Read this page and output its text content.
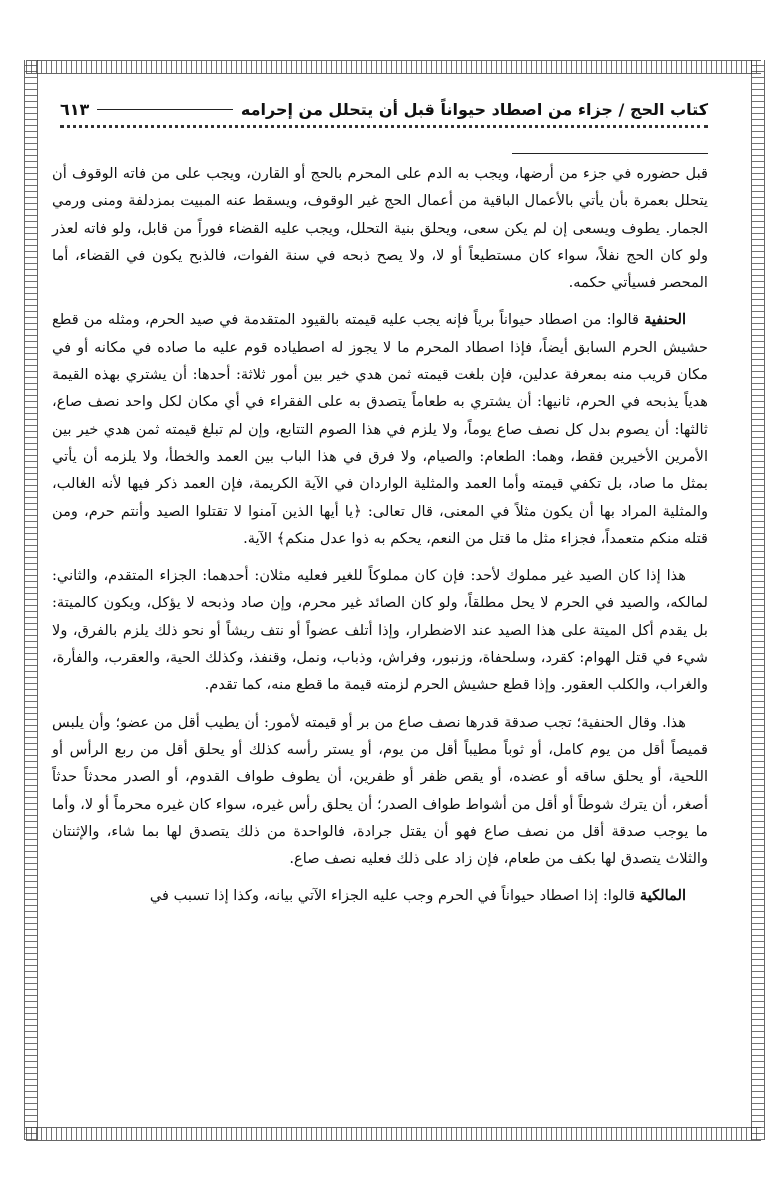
كتاب الحج / جزاء من اصطاد حيواناً قبل أن يتحلل من إحرامه
٦١٣

قبل حضوره في جزء من أرضها، ويجب به الدم على المحرم بالحج أو القارن، ويجب على من فاته الوقوف أن يتحلل بعمرة بأن يأتي بالأعمال الباقية من أعمال الحج غير الوقوف، ويسقط عنه المبيت بمزدلفة ومنى ورمي الجمار. يطوف ويسعى إن لم يكن سعى، ويحلق بنية التحلل، ويجب عليه القضاء فوراً من قابل، ولو فاته لعذر ولو كان الحج نفلاً، سواء كان مستطيعاً أو لا، ولا يصح ذبحه في سنة الفوات، فالذبح يكون في القضاء، أما المحصر فسيأتي حكمه.

الحنفية قالوا: من اصطاد حيواناً برياً فإنه يجب عليه قيمته بالقيود المتقدمة في صيد الحرم، ومثله من قطع حشيش الحرم السابق أيضاً، فإذا اصطاد المحرم ما لا يجوز له اصطياده قوم عليه ما صاده في مكانه أو في مكان قريب منه بمعرفة عدلين، فإن بلغت قيمته ثمن هدي خير بين أمور ثلاثة: أحدها: أن يشتري بهذه القيمة هدياً يذبحه في الحرم، ثانيها: أن يشتري به طعاماً يتصدق به على الفقراء في أي مكان لكل واحد نصف صاع، ثالثها: أن يصوم بدل كل نصف صاع يوماً، ولا يلزم في هذا الصوم التتابع، وإن لم تبلغ قيمته ثمن هدي خير بين الأمرين الأخيرين فقط، وهما: الطعام: والصيام، ولا فرق في هذا الباب بين العمد والخطأ، ولا يلزمه أن يأتي بمثل ما صاد، بل تكفي قيمته وأما العمد والمثلية الواردان في الآية الكريمة، فإن العمد ذكر فيها لأنه الغالب، والمثلية المراد بها أن يكون مثلاً في المعنى، قال تعالى: ﴿يا أيها الذين آمنوا لا تقتلوا الصيد وأنتم حرم، ومن قتله منكم متعمداً، فجزاء مثل ما قتل من النعم، يحكم به ذوا عدل منكم﴾ الآية.

هذا إذا كان الصيد غير مملوك لأحد: فإن كان مملوكاً للغير فعليه مثلان: أحدهما: الجزاء المتقدم، والثاني: لمالكه، والصيد في الحرم لا يحل مطلقاً، ولو كان الصائد غير محرم، وإن صاد وذبحه لا يؤكل، ويكون كالميتة: بل يقدم أكل الميتة على هذا الصيد عند الاضطرار، وإذا أتلف عضواً أو نتف ريشاً أو نحو ذلك يلزم بالفرق، ولا شيء في قتل الهوام: كقرد، وسلحفاة، وزنبور، وفراش، وذباب، ونمل، وقنفذ، وكذلك الحية، والعقرب، والفأرة، والغراب، والكلب العقور. وإذا قطع حشيش الحرم لزمته قيمة ما قطع منه، كما تقدم.

هذا. وقال الحنفية؛ تجب صدقة قدرها نصف صاع من بر أو قيمته لأمور: أن يطيب أقل من عضو؛ وأن يلبس قميصاً أقل من يوم كامل، أو ثوباً مطيباً أقل من يوم، أو يستر رأسه كذلك أو يحلق أقل من ربع الرأس أو اللحية، أو يحلق ساقه أو عضده، أو يقص ظفر أو ظفرين، أن يطوف طواف القدوم، أو الصدر محدثاً حدثاً أصغر، أن يترك شوطاً أو أقل من أشواط طواف الصدر؛ أن يحلق رأس غيره، سواء كان غيره محرماً أو لا، وأما ما يوجب صدقة أقل من نصف صاع فهو أن يقتل جرادة، فالواحدة من ذلك يتصدق لها بما شاء، والإثنتان والثلاث يتصدق لها بكف من طعام، فإن زاد على ذلك فعليه نصف صاع.

المالكية قالوا: إذا اصطاد حيواناً في الحرم وجب عليه الجزاء الآتي بيانه، وكذا إذا تسبب في
